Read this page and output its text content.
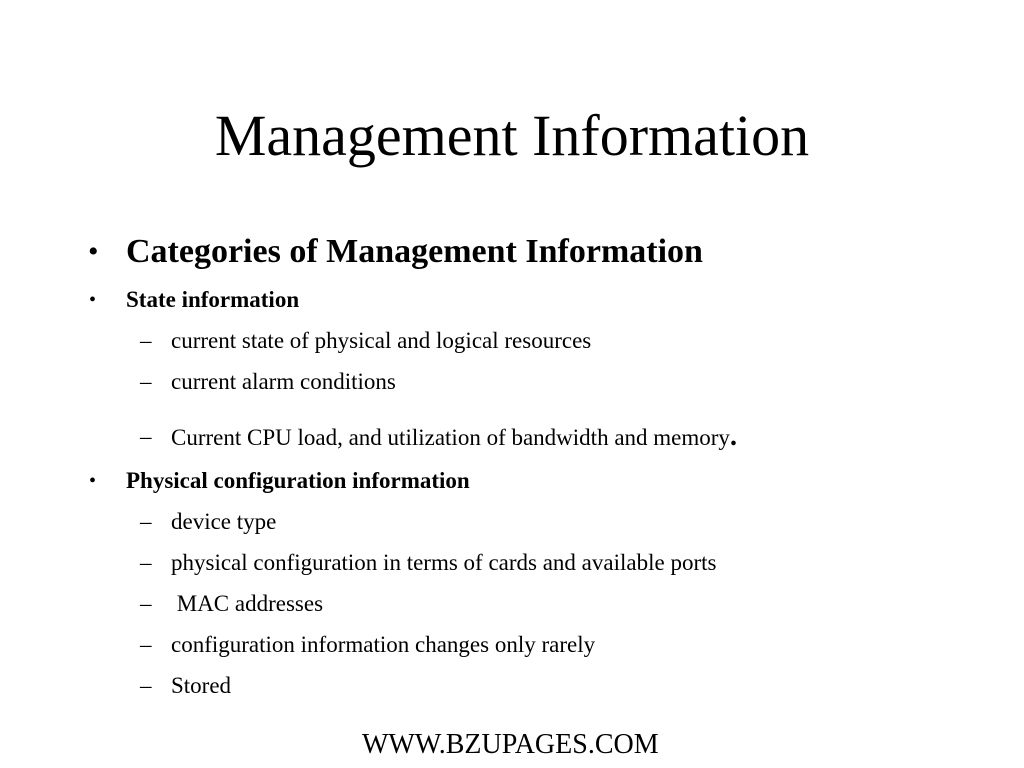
Management Information
• Categories of Management Information
• State information
– current state of physical and logical resources
– current alarm conditions
– Current CPU load, and utilization of bandwidth and memory.
• Physical configuration information
– device type
– physical configuration in terms of cards and available ports
– MAC addresses
– configuration information changes only rarely
– Stored
WWW.BZUPAGES.COM
